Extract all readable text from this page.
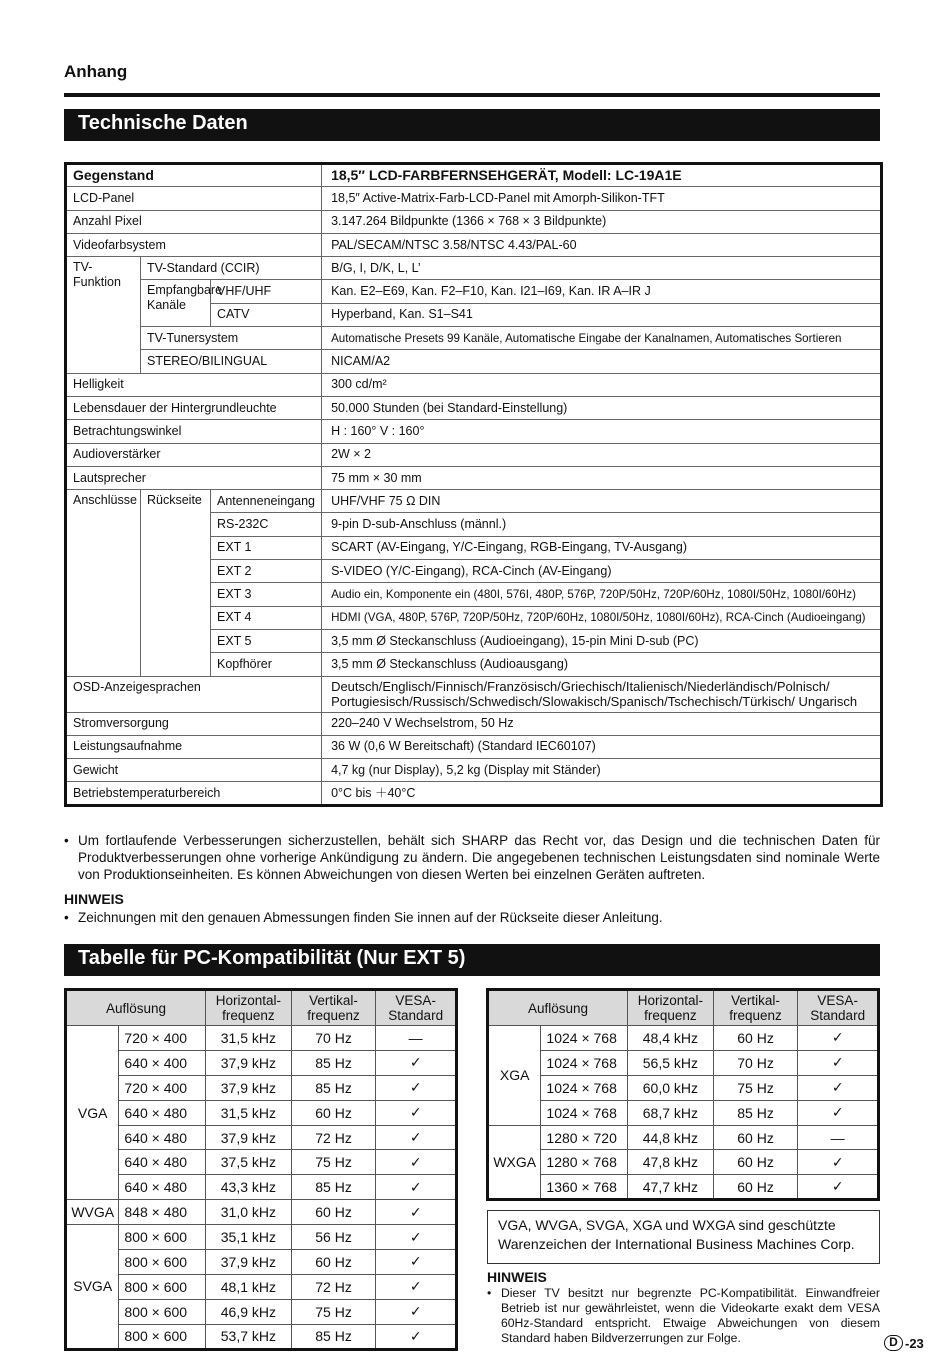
Anhang
Technische Daten
Gegenstand			18,5″ LCD-FARBFERNSEHGERÄT, Modell: LC-19A1E
LCD-Panel			18,5″ Active-Matrix-Farb-LCD-Panel mit Amorph-Silikon-TFT
Anzahl Pixel			3.147.264 Bildpunkte (1366 × 768 × 3 Bildpunkte)
Videofarbsystem			PAL/SECAM/NTSC 3.58/NTSC 4.43/PAL-60
TV-Funktion	TV-Standard (CCIR)		B/G, I, D/K, L, L’
	Empfangbare Kanäle	VHF/UHF	Kan. E2–E69, Kan. F2–F10, Kan. I21–I69, Kan. IR A–IR J
		CATV	Hyperband, Kan. S1–S41
	TV-Tunersystem		Automatische Presets 99 Kanäle, Automatische Eingabe der Kanalnamen, Automatisches Sortieren
	STEREO/BILINGUAL		NICAM/A2
Helligkeit			300 cd/m²
Lebensdauer der Hintergrundleuchte			50.000 Stunden (bei Standard-Einstellung)
Betrachtungswinkel			H : 160° V : 160°
Audioverstärker			2W × 2
Lautsprecher			75 mm × 30 mm
Anschlüsse	Rückseite	Antenneneingang	UHF/VHF 75 Ω DIN
		RS-232C	9-pin D-sub-Anschluss (männl.)
		EXT 1	SCART (AV-Eingang, Y/C-Eingang, RGB-Eingang, TV-Ausgang)
		EXT 2	S-VIDEO (Y/C-Eingang), RCA-Cinch (AV-Eingang)
		EXT 3	Audio ein, Komponente ein (480I, 576I, 480P, 576P, 720P/50Hz, 720P/60Hz, 1080I/50Hz, 1080I/60Hz)
		EXT 4	HDMI (VGA, 480P, 576P, 720P/50Hz, 720P/60Hz, 1080I/50Hz, 1080I/60Hz), RCA-Cinch (Audioeingang)
		EXT 5	3,5 mm Ø Steckanschluss (Audioeingang), 15-pin Mini D-sub (PC)
		Kopfhörer	3,5 mm Ø Steckanschluss (Audioausgang)
OSD-Anzeigesprachen			Deutsch/Englisch/Finnisch/Französisch/Griechisch/Italienisch/Niederländisch/Polnisch/ Portugiesisch/Russisch/Schwedisch/Slowakisch/Spanisch/Tschechisch/Türkisch/ Ungarisch
Stromversorgung			220–240 V Wechselstrom, 50 Hz
Leistungsaufnahme			36 W (0,6 W Bereitschaft) (Standard IEC60107)
Gewicht			4,7 kg (nur Display), 5,2 kg (Display mit Ständer)
Betriebstemperaturbereich			0°C bis ＋40°C
• Um fortlaufende Verbesserungen sicherzustellen, behält sich SHARP das Recht vor, das Design und die technischen Daten für Produktverbesserungen ohne vorherige Ankündigung zu ändern. Die angegebenen technischen Leistungsdaten sind nominale Werte von Produktionseinheiten. Es können Abweichungen von diesen Werten bei einzelnen Geräten auftreten.
HINWEIS
• Zeichnungen mit den genauen Abmessungen finden Sie innen auf der Rückseite dieser Anleitung.
Tabelle für PC-Kompatibilität (Nur EXT 5)
Auflösung		Horizontal- frequenz	Vertikal- frequenz	VESA- Standard
VGA	720 × 400	31,5 kHz	70 Hz	—
	640 × 400	37,9 kHz	85 Hz	✓
	720 × 400	37,9 kHz	85 Hz	✓
	640 × 480	31,5 kHz	60 Hz	✓
	640 × 480	37,9 kHz	72 Hz	✓
	640 × 480	37,5 kHz	75 Hz	✓
	640 × 480	43,3 kHz	85 Hz	✓
WVGA	848 × 480	31,0 kHz	60 Hz	✓
SVGA	800 × 600	35,1 kHz	56 Hz	✓
	800 × 600	37,9 kHz	60 Hz	✓
	800 × 600	48,1 kHz	72 Hz	✓
	800 × 600	46,9 kHz	75 Hz	✓
	800 × 600	53,7 kHz	85 Hz	✓
Auflösung		Horizontal- frequenz	Vertikal- frequenz	VESA- Standard
XGA	1024 × 768	48,4 kHz	60 Hz	✓
	1024 × 768	56,5 kHz	70 Hz	✓
	1024 × 768	60,0 kHz	75 Hz	✓
	1024 × 768	68,7 kHz	85 Hz	✓
WXGA	1280 × 720	44,8 kHz	60 Hz	—
	1280 × 768	47,8 kHz	60 Hz	✓
	1360 × 768	47,7 kHz	60 Hz	✓
VGA, WVGA, SVGA, XGA und WXGA sind geschützte Warenzeichen der International Business Machines Corp.
HINWEIS
• Dieser TV besitzt nur begrenzte PC-Kompatibilität. Einwandfreier Betrieb ist nur gewährleistet, wenn die Videokarte exakt dem VESA 60Hz-Standard entspricht. Etwaige Abweichungen von diesem Standard haben Bildverzerrungen zur Folge.	D -23
